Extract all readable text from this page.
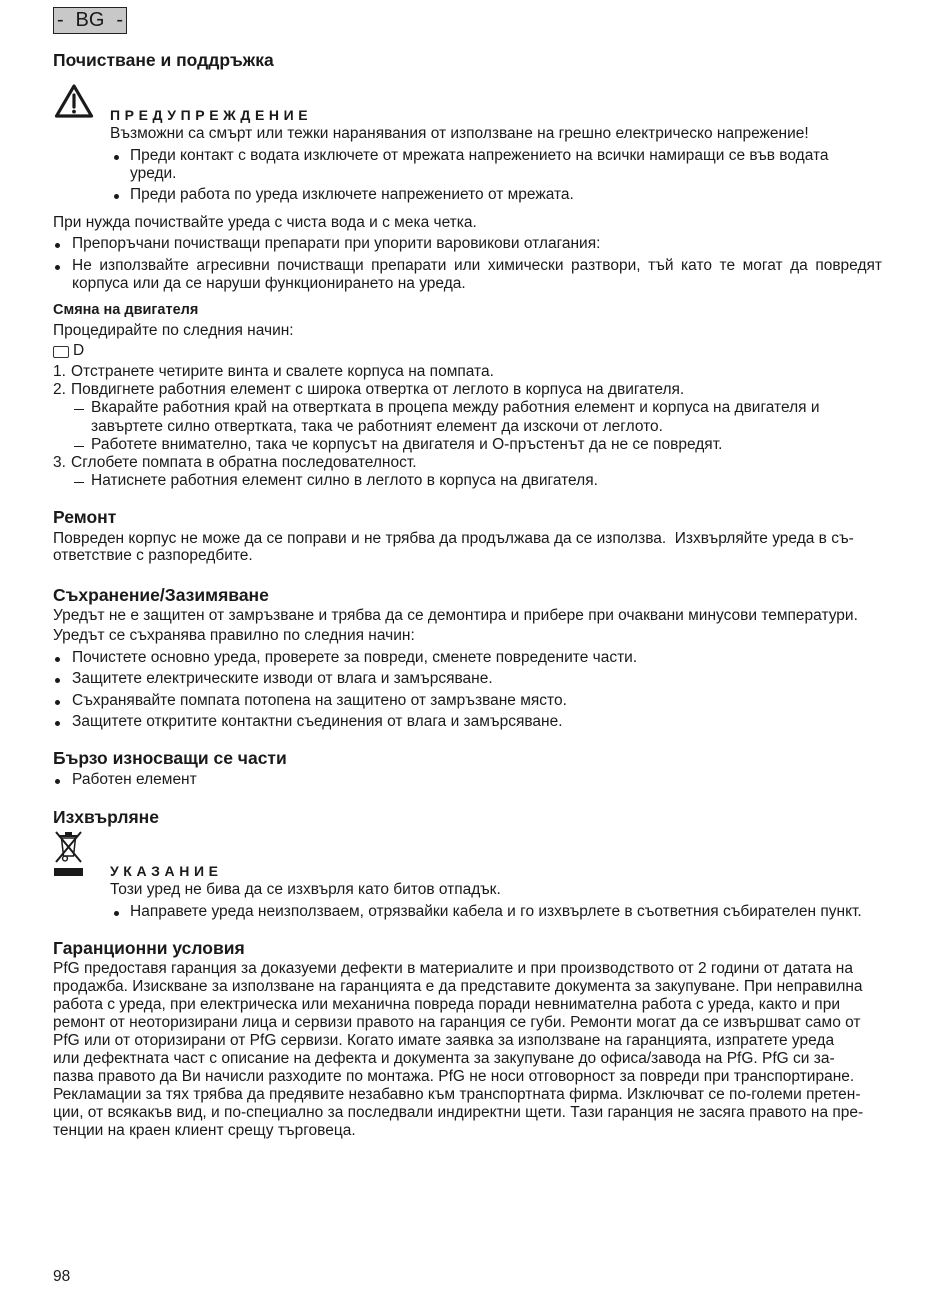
- BG -
Почистване и поддръжка
ПРЕДУПРЕЖДЕНИЕ
Възможни са смърт или тежки наранявания от използване на грешно електрическо напрежение!
Преди контакт с водата изключете от мрежата напрежението на всички намиращи се във водата
уреди.
Преди работа по уреда изключете напрежението от мрежата.
При нужда почиствайте уреда с чиста вода и с мека четка.
Препоръчани почистващи препарати при упорити варовикови отлагания:
Не използвайте агресивни почистващи препарати или химически разтвори, тъй като те могат да повредят
корпуса или да се наруши функционирането на уреда.
Смяна на двигателя
Процедирайте по следния начин:
D
1. Отстранете четирите винта и свалете корпуса на помпата.
2. Повдигнете работния елемент с широка отвертка от леглото в корпуса на двигателя.
Вкарайте работния край на отвертката в процепа между работния елемент и корпуса на двигателя и
завъртете силно отвертката, така че работният елемент да изскочи от леглото.
Работете внимателно, така че корпусът на двигателя и О-пръстенът да не се повредят.
3. Сглобете помпата в обратна последователност.
Натиснете работния елемент силно в леглото в корпуса на двигателя.
Ремонт
Повреден корпус не може да се поправи и не трябва да продължава да се използва.  Изхвърляйте уреда в съ-
ответствие с разпоредбите.
Съхранение/Зазимяване
Уредът не е защитен от замръзване и трябва да се демонтира и прибере при очаквани минусови температури.
Уредът се съхранява правилно по следния начин:
Почистете основно уреда, проверете за повреди, сменете повредените части.
Защитете електрическите изводи от влага и замърсяване.
Съхранявайте помпата потопена на защитено от замръзване място.
Защитете откритите контактни съединения от влага и замърсяване.
Бързо износващи се части
Работен елемент
Изхвърляне
УКАЗАНИЕ
Този уред не бива да се изхвърля като битов отпадък.
Направете уреда неизползваем, отрязвайки кабела и го изхвърлете в съответния събирателен пункт.
Гаранционни условия
PfG предоставя гаранция за доказуеми дефекти в материалите и при производството от 2 години от датата на
продажба. Изискване за използване на гаранцията е да представите документа за закупуване. При неправилна
работа с уреда, при електрическа или механична повреда поради невнимателна работа с уреда, както и при
ремонт от неоторизирани лица и сервизи правото на гаранция се губи. Ремонти могат да се извършват само от
PfG или от оторизирани от PfG сервизи. Когато имате заявка за използване на гаранцията, изпратете уреда
или дефектната част с описание на дефекта и документа за закупуване до офиса/завода на PfG. PfG си за-
пазва правото да Ви начисли разходите по монтажа. PfG не носи отговорност за повреди при транспортиране.
Рекламации за тях трябва да предявите незабавно към транспортната фирма. Изключват се по-големи претен-
ции, от всякакъв вид, и по-специално за последвали индиректни щети. Тази гаранция не засяга правото на пре-
тенции на краен клиент срещу търговеца.
98
